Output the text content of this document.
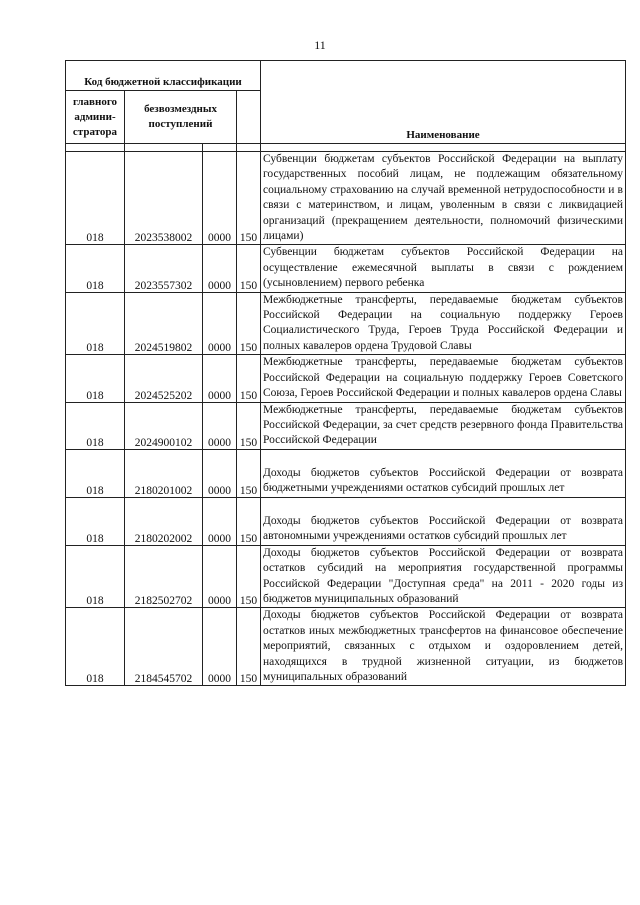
11
Код бюджетной классификации				Наименование
главного админи-стратора	безвозмездных поступлений			

018	2023538002	0000	150	Субвенции бюджетам субъектов Российской Федерации на выплату государственных пособий лицам, не подлежащим обязательному социальному страхованию на случай временной нетрудоспособности и в связи с материнством, и лицам, уволенным в связи с ликвидацией организаций (прекращением деятельности, полномочий физическими лицами)
018	2023557302	0000	150	Субвенции бюджетам субъектов Российской Федерации на осуществление ежемесячной выплаты в связи с рождением (усыновлением) первого ребенка
018	2024519802	0000	150	Межбюджетные трансферты, передаваемые бюджетам субъектов Российской Федерации на социальную поддержку Героев Социалистического Труда, Героев Труда Российской Федерации и полных кавалеров ордена Трудовой Славы
018	2024525202	0000	150	Межбюджетные трансферты, передаваемые бюджетам субъектов Российской Федерации на социальную поддержку Героев Советского Союза, Героев Российской Федерации и полных кавалеров ордена Славы
018	2024900102	0000	150	Межбюджетные трансферты, передаваемые бюджетам субъектов Российской Федерации, за счет средств резервного фонда Правительства Российской Федерации
018	2180201002	0000	150	Доходы бюджетов субъектов Российской Федерации от возврата бюджетными учреждениями остатков субсидий прошлых лет
018	2180202002	0000	150	Доходы бюджетов субъектов Российской Федерации от возврата автономными учреждениями остатков субсидий прошлых лет
018	2182502702	0000	150	Доходы бюджетов субъектов Российской Федерации от возврата остатков субсидий на мероприятия государственной программы Российской Федерации "Доступная среда" на 2011 - 2020 годы из бюджетов муниципальных образований
018	2184545702	0000	150	Доходы бюджетов субъектов Российской Федерации от возврата остатков иных межбюджетных трансфертов на финансовое обеспечение мероприятий, связанных с отдыхом и оздоровлением детей, находящихся в трудной жизненной ситуации, из бюджетов муниципальных образований
